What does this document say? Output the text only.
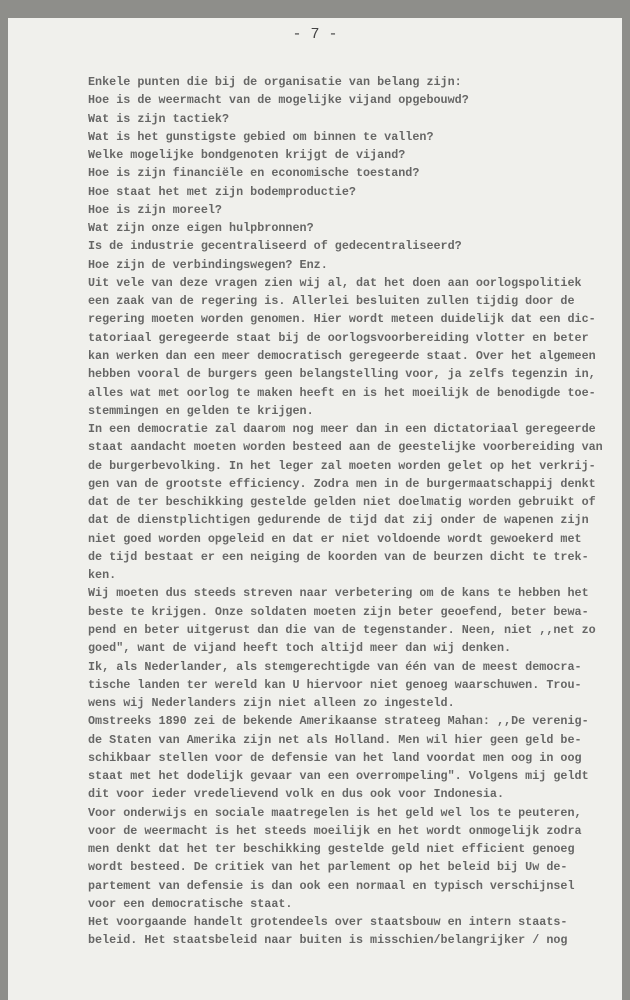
- 7 -
Enkele punten die bij de organisatie van belang zijn:
Hoe is de weermacht van de mogelijke vijand opgebouwd?
Wat is zijn tactiek?
Wat is het gunstigste gebied om binnen te vallen?
Welke mogelijke bondgenoten krijgt de vijand?
Hoe is zijn financiële en economische toestand?
Hoe staat het met zijn bodemproductie?
Hoe is zijn moreel?
Wat zijn onze eigen hulpbronnen?
Is de industrie gecentraliseerd of gedecentraliseerd?
Hoe zijn de verbindingswegen? Enz.
Uit vele van deze vragen zien wij al, dat het doen aan oorlogspolitiek
een zaak van de regering is. Allerlei besluiten zullen tijdig door de
regering moeten worden genomen. Hier wordt meteen duidelijk dat een dic-
tatoriaal geregeerde staat bij de oorlogsvoorbereiding vlotter en beter
kan werken dan een meer democratisch geregeerde staat. Over het algemeen
hebben vooral de burgers geen belangstelling voor, ja zelfs tegenzin in,
alles wat met oorlog te maken heeft en is het moeilijk de benodigde toe-
stemmingen en gelden te krijgen.
In een democratie zal daarom nog meer dan in een dictatoriaal geregeerde
staat aandacht moeten worden besteed aan de geestelijke voorbereiding van
de burgerbevolking. In het leger zal moeten worden gelet op het verkrij-
gen van de grootste efficiency. Zodra men in de burgermaatschappij denkt
dat de ter beschikking gestelde gelden niet doelmatig worden gebruikt of
dat de dienstplichtigen gedurende de tijd dat zij onder de wapenen zijn
niet goed worden opgeleid en dat er niet voldoende wordt gewoekerd met
de tijd bestaat er een neiging de koorden van de beurzen dicht te trek-
ken.
Wij moeten dus steeds streven naar verbetering om de kans te hebben het
beste te krijgen. Onze soldaten moeten zijn beter geoefend, beter bewa-
pend en beter uitgerust dan die van de tegenstander. Neen, niet ,,net zo
goed", want de vijand heeft toch altijd meer dan wij denken.
Ik, als Nederlander, als stemgerechtigde van één van de meest democra-
tische landen ter wereld kan U hiervoor niet genoeg waarschuwen. Trou-
wens wij Nederlanders zijn niet alleen zo ingesteld.
Omstreeks 1890 zei de bekende Amerikaanse strateeg Mahan: ,,De verenig-
de Staten van Amerika zijn net als Holland. Men wil hier geen geld be-
schikbaar stellen voor de defensie van het land voordat men oog in oog
staat met het dodelijk gevaar van een overrompeling". Volgens mij geldt
dit voor ieder vredelievend volk en dus ook voor Indonesia.
Voor onderwijs en sociale maatregelen is het geld wel los te peuteren,
voor de weermacht is het steeds moeilijk en het wordt onmogelijk zodra
men denkt dat het ter beschikking gestelde geld niet efficient genoeg
wordt besteed. De critiek van het parlement op het beleid bij Uw de-
partement van defensie is dan ook een normaal en typisch verschijnsel
voor een democratische staat.
Het voorgaande handelt grotendeels over staatsbouw en intern staats-
beleid. Het staatsbeleid naar buiten is misschien/belangrijker / nog
